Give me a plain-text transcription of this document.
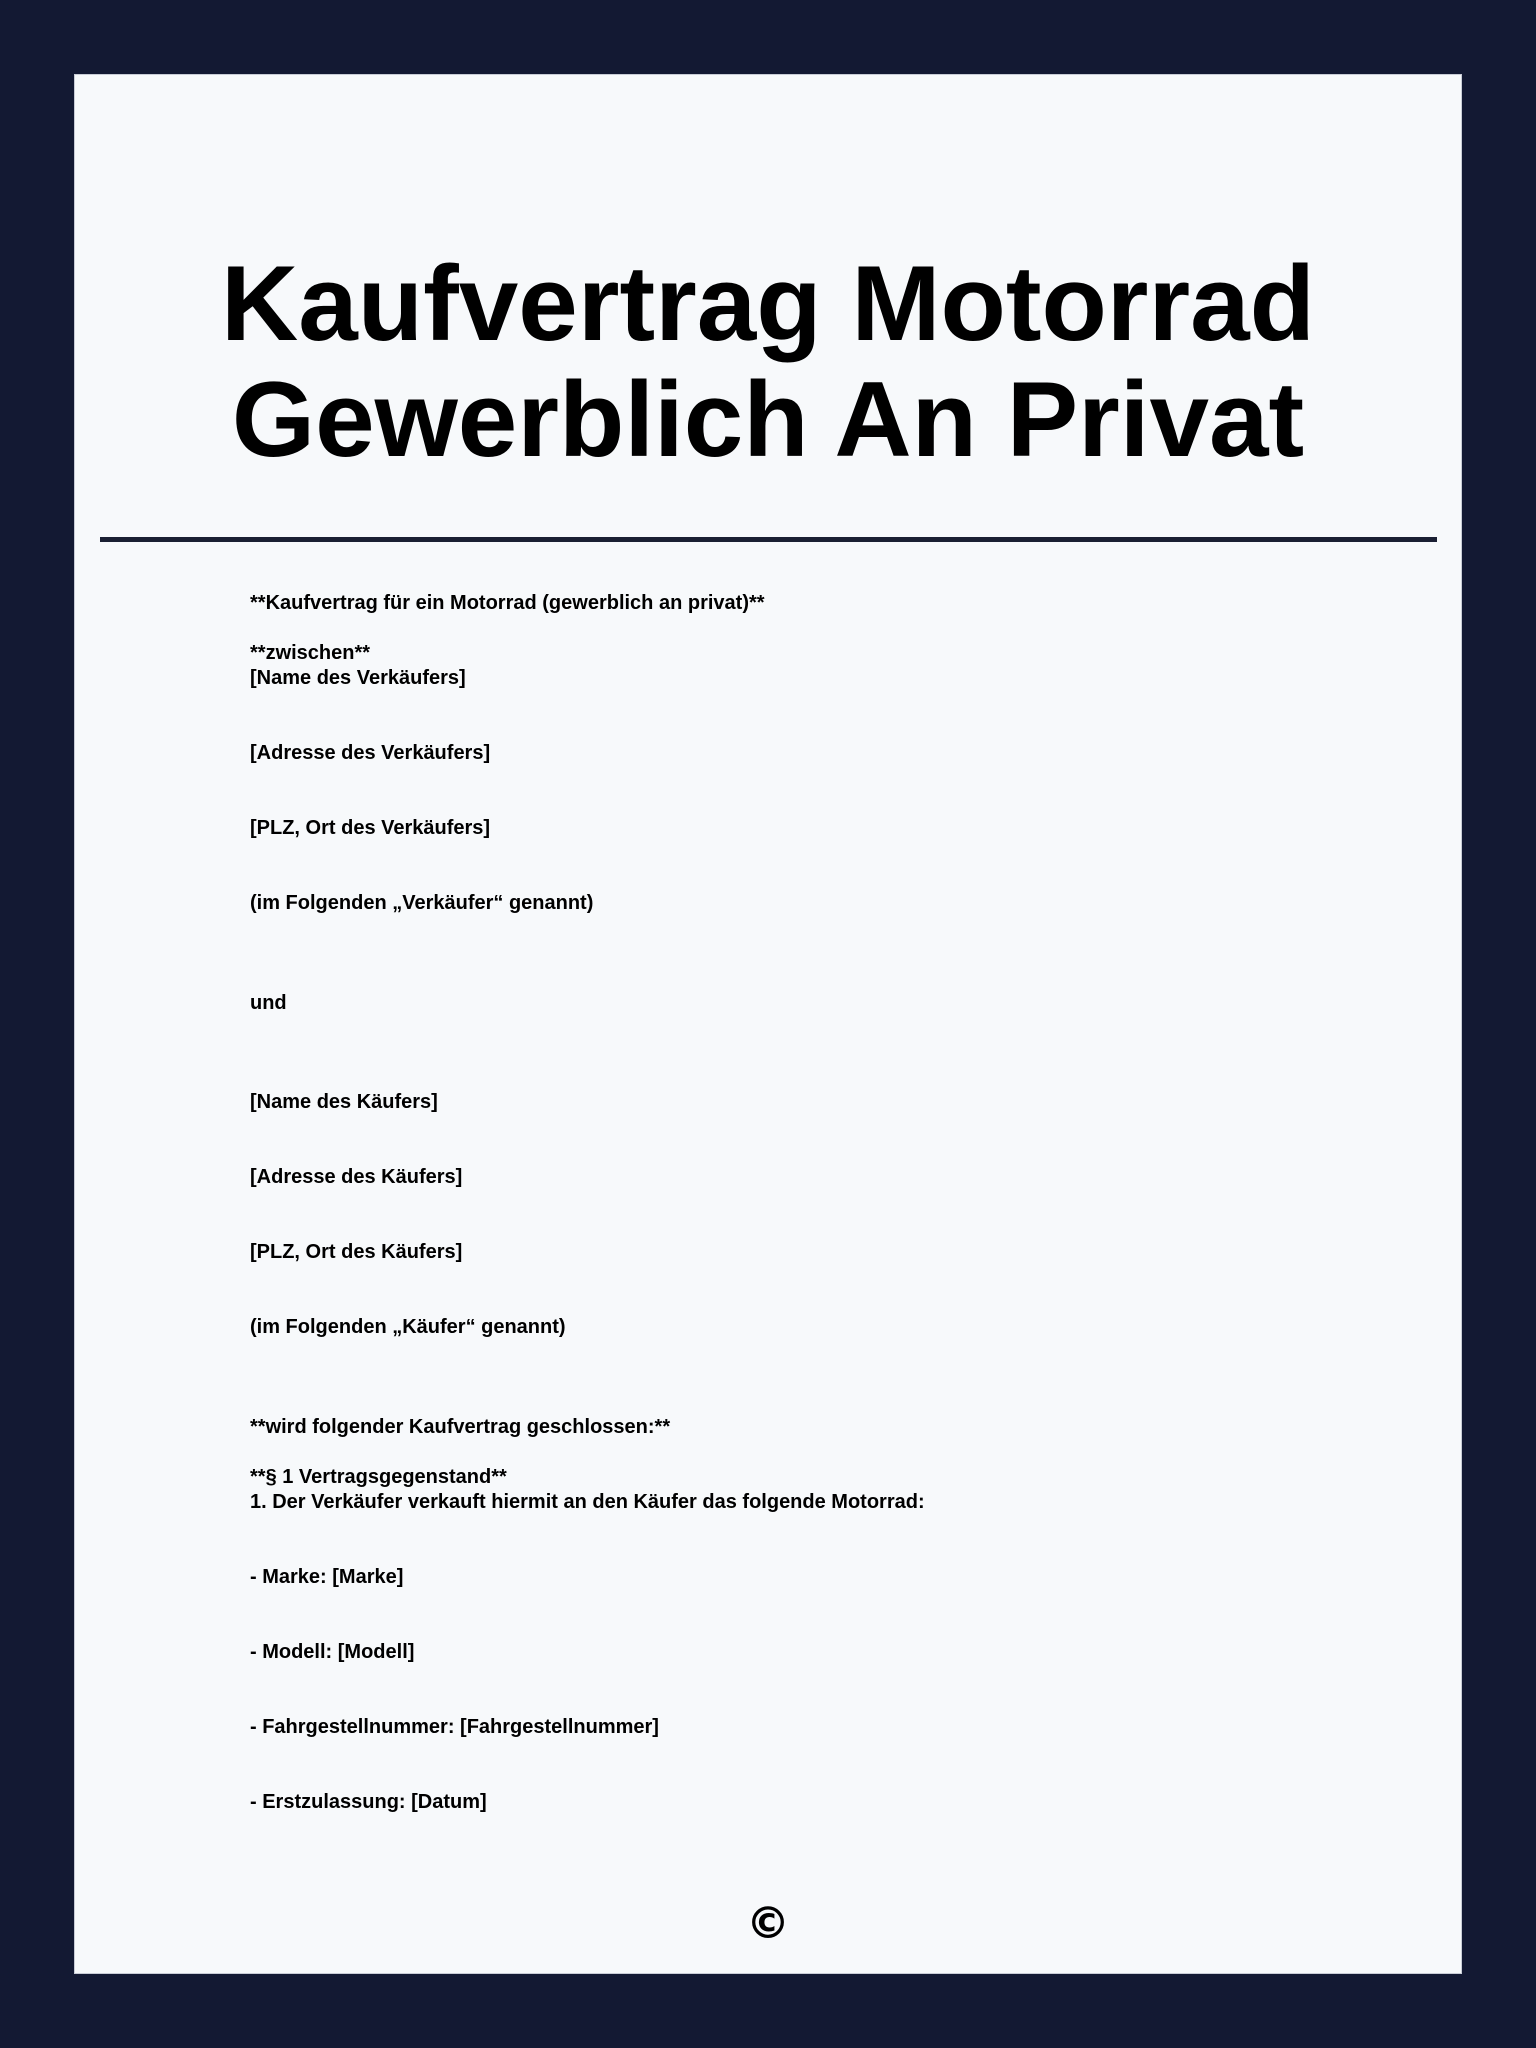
Kaufvertrag Motorrad
Gewerblich An Privat
**Kaufvertrag für ein Motorrad (gewerblich an privat)**
**zwischen**
[Name des Verkäufers]
[Adresse des Verkäufers]
[PLZ, Ort des Verkäufers]
(im Folgenden „Verkäufer“ genannt)
und
[Name des Käufers]
[Adresse des Käufers]
[PLZ, Ort des Käufers]
(im Folgenden „Käufer“ genannt)
**wird folgender Kaufvertrag geschlossen:**
**§ 1 Vertragsgegenstand**
1. Der Verkäufer verkauft hiermit an den Käufer das folgende Motorrad:
- Marke: [Marke]
- Modell: [Modell]
- Fahrgestellnummer: [Fahrgestellnummer]
- Erstzulassung: [Datum]
©
